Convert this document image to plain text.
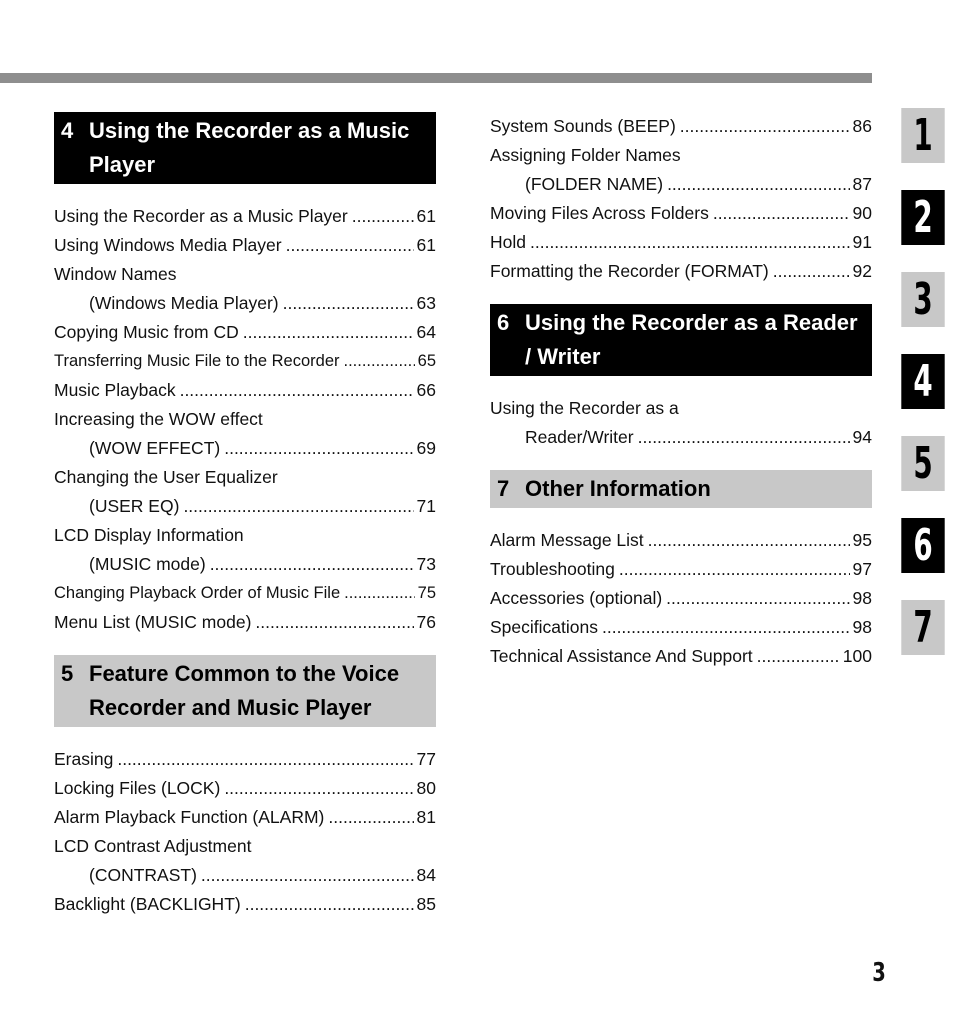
4 Using the Recorder as a Music Player
Using the Recorder as a Music Player .....	61
Using Windows Media Player .....	61
Window Names
(Windows Media Player) .....	63
Copying Music from CD .....	64
Transferring Music File to the Recorder .....	65
Music Playback .....	66
Increasing the WOW effect
(WOW EFFECT) .....	69
Changing the User Equalizer
(USER EQ) .....	71
LCD Display Information
(MUSIC mode) .....	73
Changing Playback Order of Music File .....	75
Menu List (MUSIC mode) .....	76
5 Feature Common to the Voice Recorder and Music Player
Erasing .....	77
Locking Files (LOCK) .....	80
Alarm Playback Function (ALARM) .....	81
LCD Contrast Adjustment
(CONTRAST) .....	84
Backlight (BACKLIGHT) .....	85
System Sounds (BEEP) .....	86
Assigning Folder Names
(FOLDER NAME) .....	87
Moving Files Across Folders .....	90
Hold .....	91
Formatting the Recorder (FORMAT) .....	92
6 Using the Recorder as a Reader / Writer
Using the Recorder as a
Reader/Writer .....	94
7 Other Information
Alarm Message List .....	95
Troubleshooting .....	97
Accessories (optional) .....	98
Specifications .....	98
Technical Assistance And Support .....	100
1
2
3
4
5
6
7
3
